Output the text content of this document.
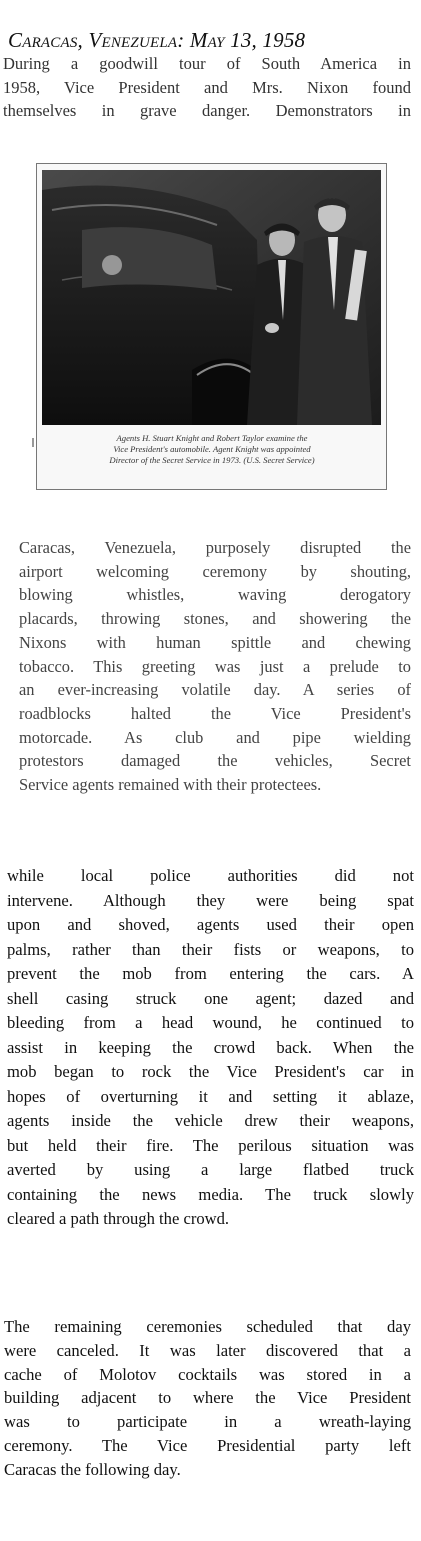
Caracas, Venezuela: May 13, 1958

During a goodwill tour of South America in
1958, Vice President and Mrs. Nixon found
themselves in grave danger. Demonstrators in

Agents H. Stuart Knight and Robert Taylor examine the
Vice President's automobile. Agent Knight was appointed
Director of the Secret Service in 1973. (U.S. Secret Service)

Caracas, Venezuela, purposely disrupted the
airport welcoming ceremony by shouting,
blowing whistles, waving derogatory
placards, throwing stones, and showering the
Nixons with human spittle and chewing
tobacco. This greeting was just a prelude to
an ever-increasing volatile day. A series of
roadblocks halted the Vice President's
motorcade. As club and pipe wielding
protestors damaged the vehicles, Secret
Service agents remained with their protectees.

while local police authorities did not
intervene. Although they were being spat
upon and shoved, agents used their open
palms, rather than their fists or weapons, to
prevent the mob from entering the cars. A
shell casing struck one agent; dazed and
bleeding from a head wound, he continued to
assist in keeping the crowd back. When the
mob began to rock the Vice President's car in
hopes of overturning it and setting it ablaze,
agents inside the vehicle drew their weapons,
but held their fire. The perilous situation was
averted by using a large flatbed truck
containing the news media. The truck slowly
cleared a path through the crowd.

The remaining ceremonies scheduled that day
were canceled. It was later discovered that a
cache of Molotov cocktails was stored in a
building adjacent to where the Vice President
was to participate in a wreath-laying
ceremony. The Vice Presidential party left
Caracas the following day.
